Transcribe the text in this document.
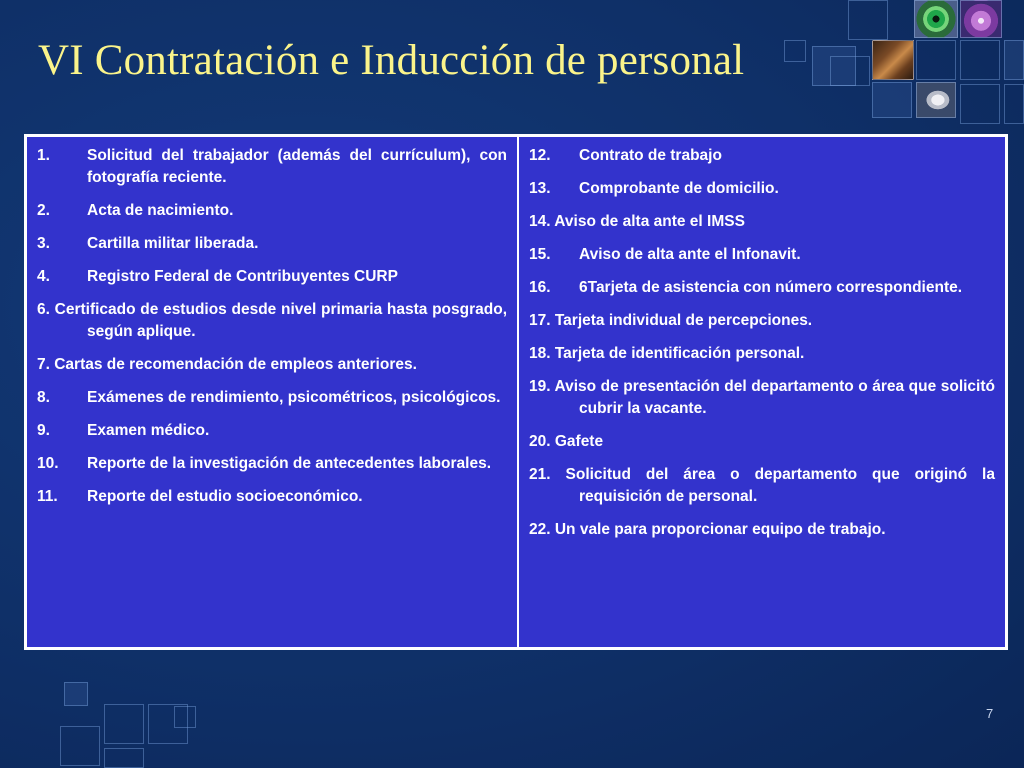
VI Contratación e Inducción de personal
1. Solicitud del trabajador (además del currículum), con fotografía reciente.
2. Acta de nacimiento.
3. Cartilla militar liberada.
4. Registro Federal de Contribuyentes CURP
6. Certificado de estudios desde nivel primaria hasta posgrado, según aplique.
7. Cartas de recomendación de empleos anteriores.
8. Exámenes de rendimiento, psicométricos, psicológicos.
9. Examen médico.
10. Reporte de la investigación de antecedentes laborales.
11. Reporte del estudio socioeconómico.
12. Contrato de trabajo
13. Comprobante de domicilio.
14. Aviso de alta ante el IMSS
15. Aviso de alta ante el Infonavit.
16. 6Tarjeta de asistencia con número correspondiente.
17. Tarjeta individual de percepciones.
18. Tarjeta de identificación personal.
19. Aviso de presentación del departamento o área que solicitó cubrir la vacante.
20. Gafete
21. Solicitud del área o departamento que originó la requisición de personal.
22. Un vale para proporcionar equipo de trabajo.
7
